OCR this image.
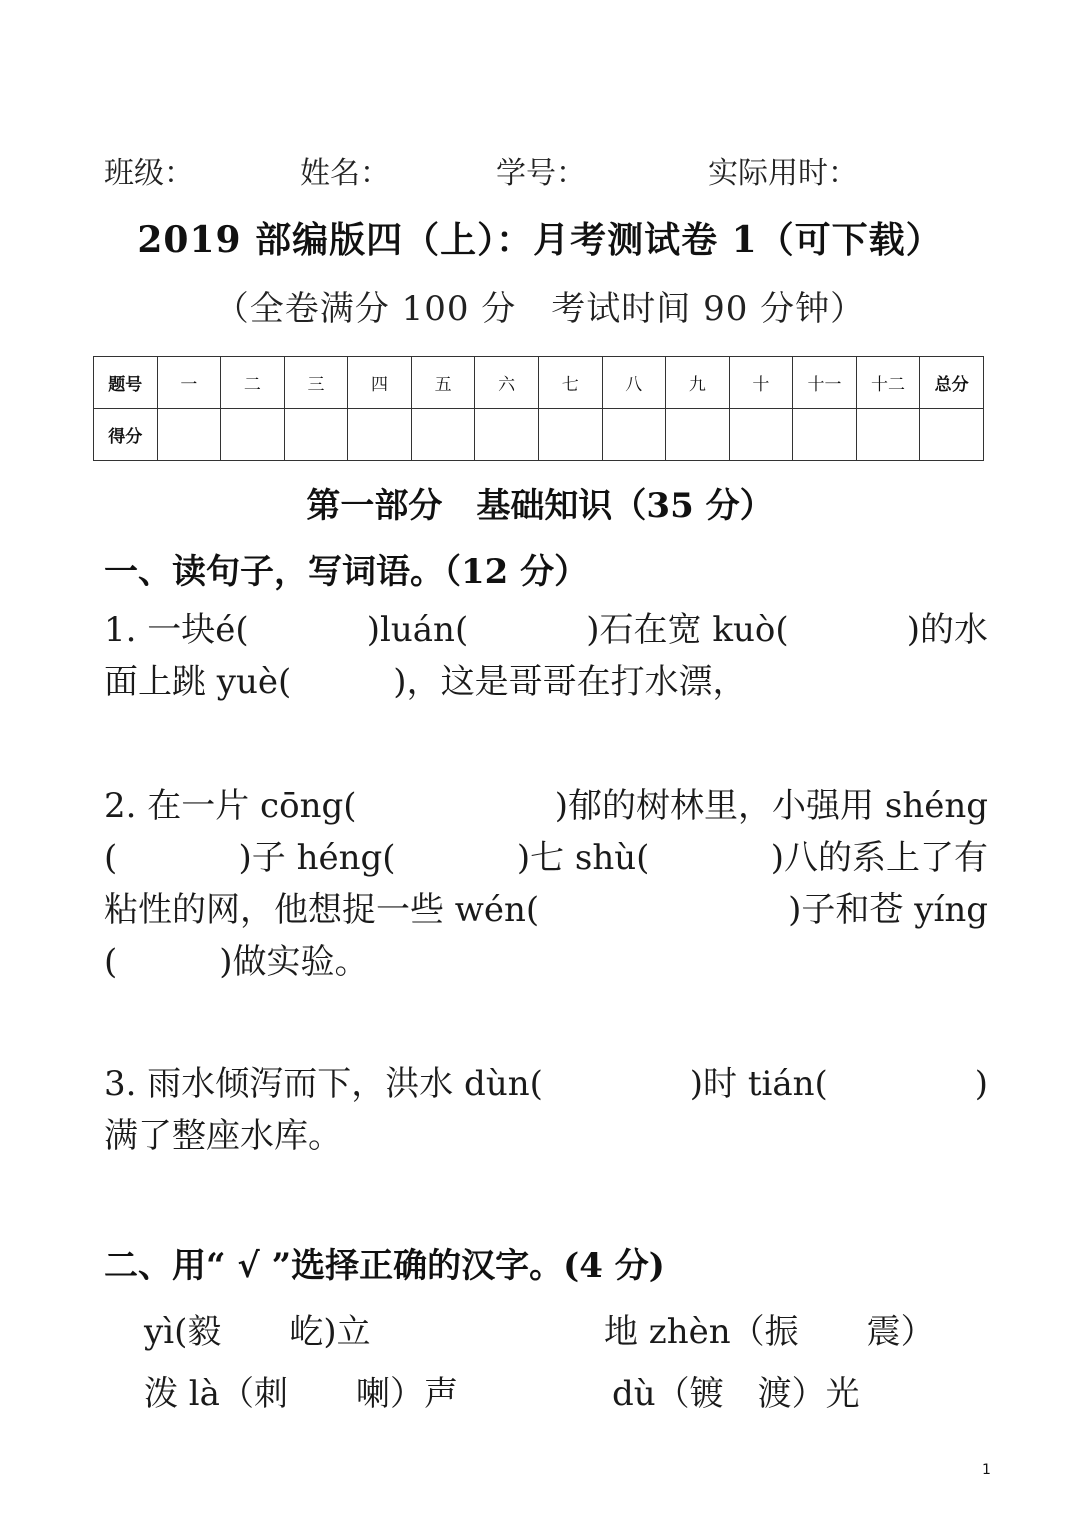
班级：	姓名：	学号：	实际用时：
2019 部编版四（上）：月考测试卷 1（可下载）
（全卷满分 100 分　考试时间 90 分钟）
题号	一	二	三	四	五	六	七	八	九	十	十一	十二	总分
得分													
第一部分　基础知识（35 分）
一、读句子，写词语。（12 分）
1. 一块é(	)luán(	)石在宽 kuò(	)的水
面上跳 yuè(　　　)，这是哥哥在打水漂，
2. 在一片 cōng(	)郁的树林里，小强用 shéng
(	)子 héng(	)七 shù(	)八的系上了有
粘性的网，他想捉一些 wén(	)子和苍 yíng
(　　　)做实验。
3. 雨水倾泻而下，洪水 dùn(	)时 tián(	)
满了整座水库。
二、用“ √ ”选择正确的汉字。(4 分)
yì(毅　　屹)立	地 zhèn（振　　震）
泼 là（刺　　喇）声	dù（镀　渡）光
1
